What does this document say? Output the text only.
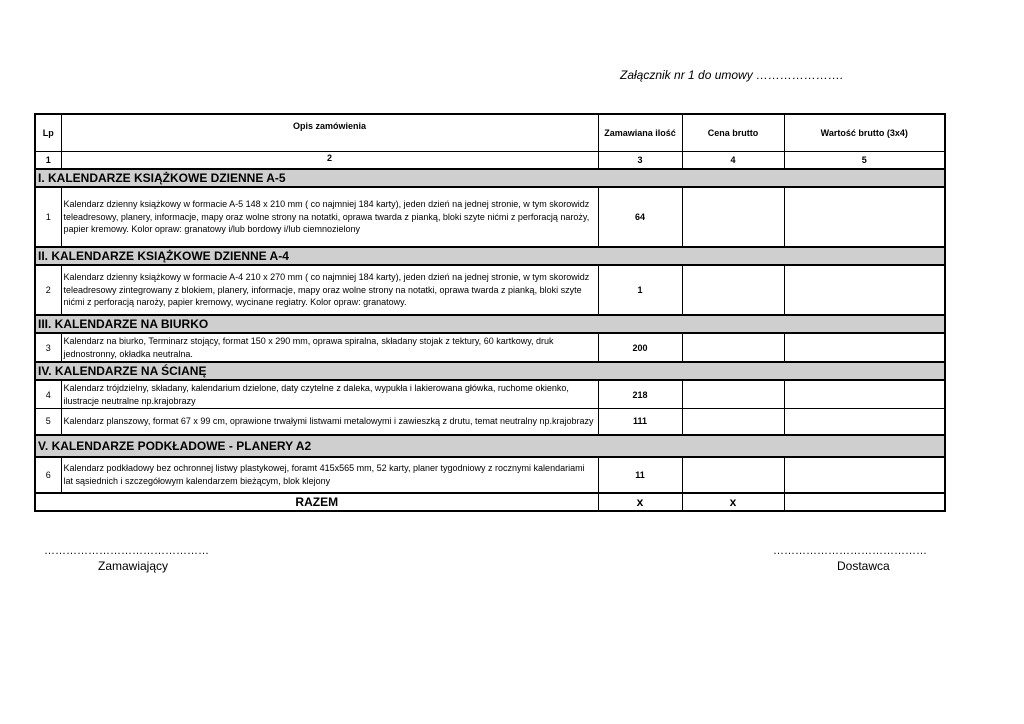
Załącznik nr 1 do umowy ………………….
Lp	Opis zamówienia	Zamawiana ilość	Cena brutto	Wartość brutto (3x4)
1	2	3	4	5
I. KALENDARZE KSIĄŻKOWE DZIENNE A-5				
1	Kalendarz dzienny książkowy w formacie A-5 148 x 210 mm ( co najmniej 184 karty), jeden dzień na jednej stronie, w tym skorowidz teleadresowy, planery, informacje, mapy oraz wolne strony na notatki, oprawa twarda z pianką, bloki szyte nićmi z perforacją naroży, papier kremowy. Kolor opraw: granatowy i/lub bordowy i/lub ciemnozielony	64		
II. KALENDARZE KSIĄŻKOWE DZIENNE A-4				
2	Kalendarz dzienny książkowy w formacie A-4 210 x 270 mm ( co najmniej 184 karty), jeden dzień na jednej stronie, w tym skorowidz teleadresowy zintegrowany z blokiem, planery, informacje, mapy oraz wolne strony na notatki, oprawa twarda z pianką, bloki szyte nićmi z perforacją naroży, papier kremowy, wycinane regiatry. Kolor opraw: granatowy.	1		
III. KALENDARZE NA BIURKO				
3	Kalendarz na biurko, Terminarz stojący, format 150 x 290 mm, oprawa spiralna, składany stojak z tektury, 60 kartkowy, druk jednostronny, okładka neutralna.	200		
IV. KALENDARZE NA ŚCIANĘ				
4	Kalendarz trójdzielny, składany, kalendarium dzielone, daty czytelne z daleka, wypukła i lakierowana główka, ruchome okienko, ilustracje neutralne np.krajobrazy	218		
5	Kalendarz planszowy, format 67 x 99 cm, oprawione trwałymi listwami metalowymi i zawieszką z drutu, temat neutralny np.krajobrazy	111		
V. KALENDARZE PODKŁADOWE - PLANERY A2				
6	Kalendarz podkładowy bez ochronnej listwy plastykowej, foramt 415x565 mm, 52 karty, planer tygodniowy z rocznymi kalendariami lat sąsiednich i szczegółowym kalendarzem bieżącym, blok klejony	11		
RAZEM		x	x	
………………………………………
Zamawiający
……………………………………
Dostawca
